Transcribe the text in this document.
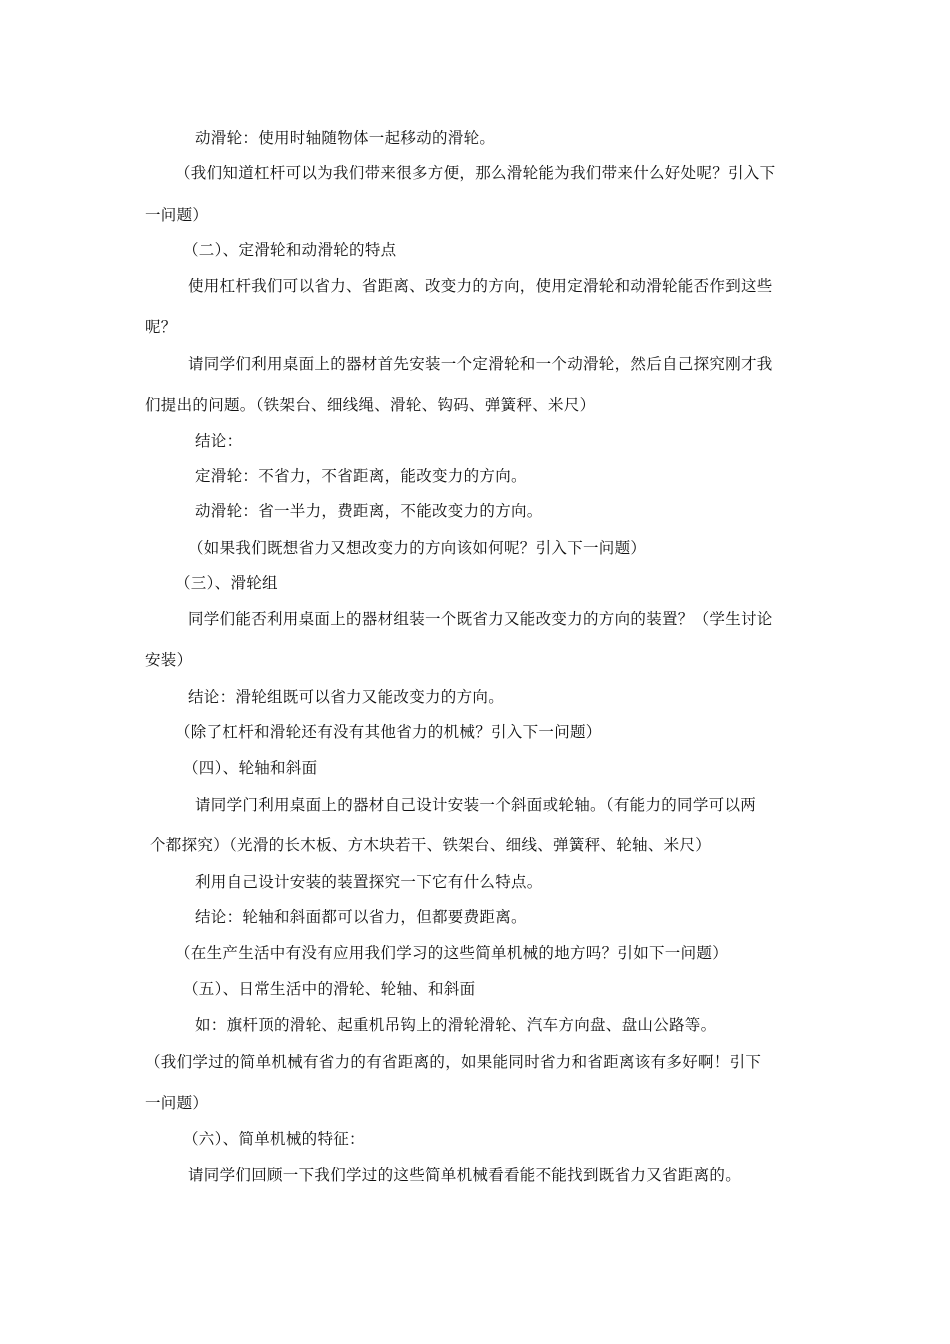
动滑轮：使用时轴随物体一起移动的滑轮。
（我们知道杠杆可以为我们带来很多方便，那么滑轮能为我们带来什么好处呢？引入下
一问题）
（二）、定滑轮和动滑轮的特点
使用杠杆我们可以省力、省距离、改变力的方向，使用定滑轮和动滑轮能否作到这些
呢？
请同学们利用桌面上的器材首先安装一个定滑轮和一个动滑轮，然后自己探究刚才我
们提出的问题。（铁架台、细线绳、滑轮、钩码、弹簧秤、米尺）
结论：
定滑轮：不省力，不省距离，能改变力的方向。
动滑轮：省一半力，费距离，不能改变力的方向。
（如果我们既想省力又想改变力的方向该如何呢？引入下一问题）
（三）、滑轮组
同学们能否利用桌面上的器材组装一个既省力又能改变力的方向的装置？（学生讨论
安装）
结论：滑轮组既可以省力又能改变力的方向。
（除了杠杆和滑轮还有没有其他省力的机械？引入下一问题）
（四）、轮轴和斜面
请同学门利用桌面上的器材自己设计安装一个斜面或轮轴。（有能力的同学可以两
个都探究）（光滑的长木板、方木块若干、铁架台、细线、弹簧秤、轮轴、米尺）
利用自己设计安装的装置探究一下它有什么特点。
结论：轮轴和斜面都可以省力，但都要费距离。
（在生产生活中有没有应用我们学习的这些简单机械的地方吗？引如下一问题）
（五）、日常生活中的滑轮、轮轴、和斜面
如：旗杆顶的滑轮、起重机吊钩上的滑轮滑轮、汽车方向盘、盘山公路等。
（我们学过的简单机械有省力的有省距离的，如果能同时省力和省距离该有多好啊！引下
一问题）
（六）、简单机械的特征：
请同学们回顾一下我们学过的这些简单机械看看能不能找到既省力又省距离的。
